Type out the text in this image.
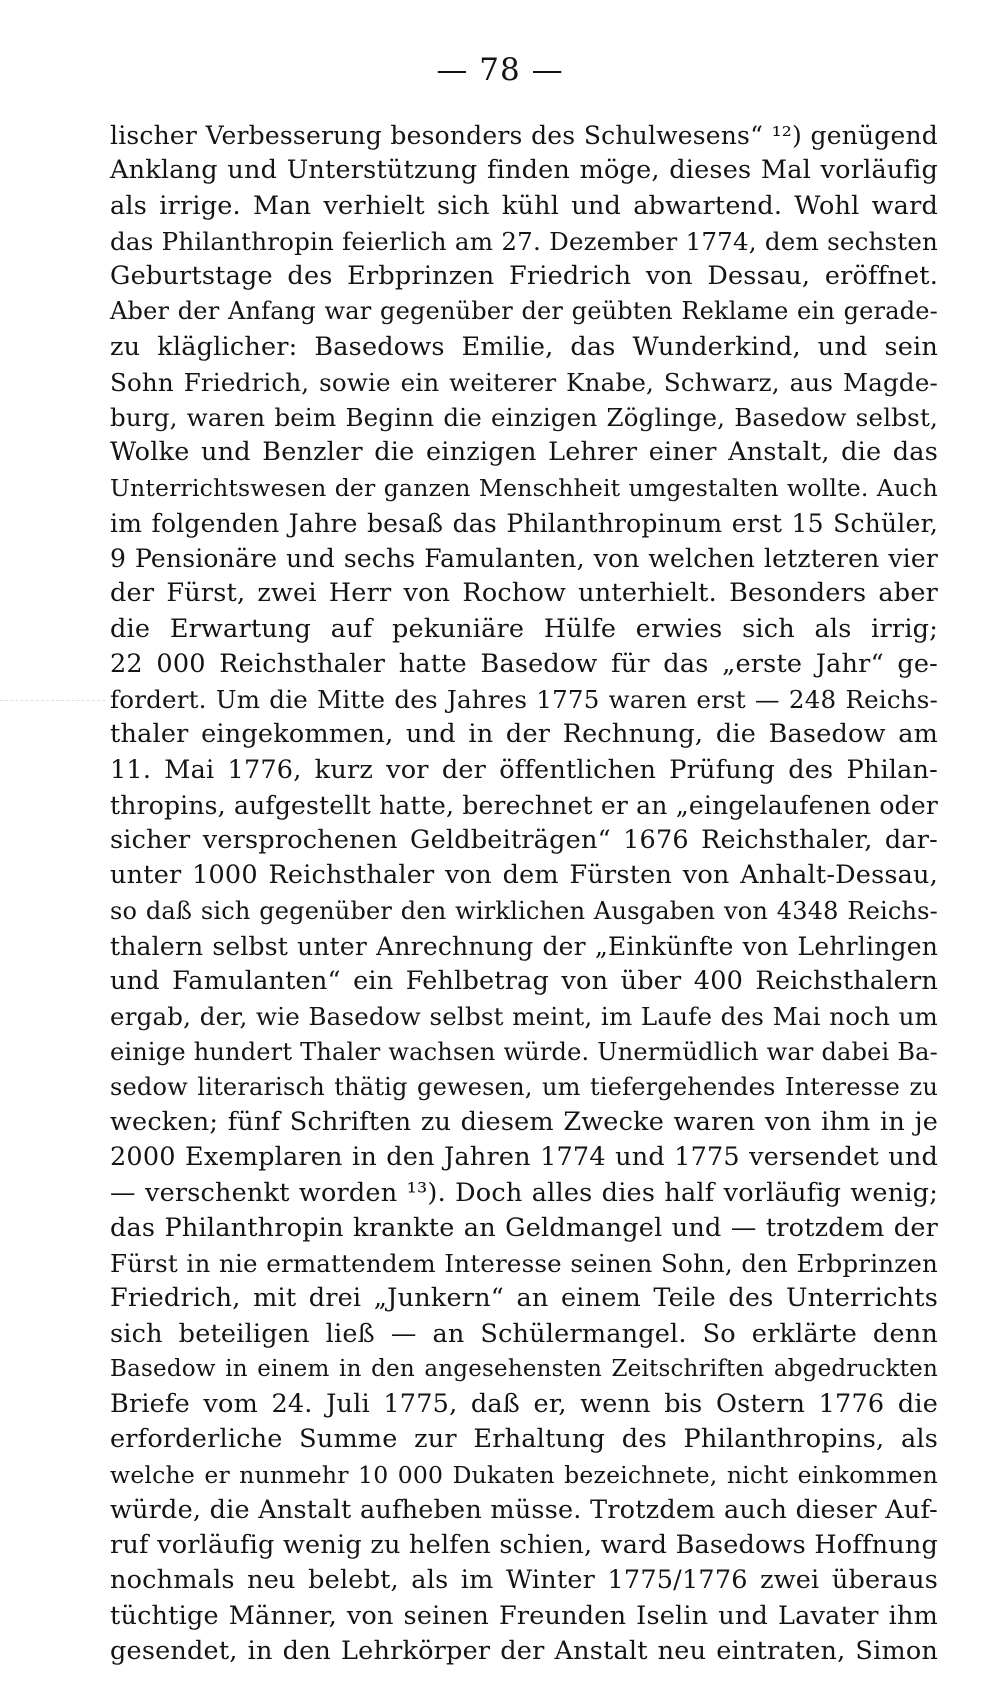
— 78 —
lischer Verbesserung besonders des Schulwesens“ ¹²) genügend
Anklang und Unterstützung finden möge, dieses Mal vorläufig
als irrige. Man verhielt sich kühl und abwartend. Wohl ward
das Philanthropin feierlich am 27. Dezember 1774, dem sechsten
Geburtstage des Erbprinzen Friedrich von Dessau, eröffnet.
Aber der Anfang war gegenüber der geübten Reklame ein gerade-
zu kläglicher: Basedows Emilie, das Wunderkind, und sein
Sohn Friedrich, sowie ein weiterer Knabe, Schwarz, aus Magde-
burg, waren beim Beginn die einzigen Zöglinge, Basedow selbst,
Wolke und Benzler die einzigen Lehrer einer Anstalt, die das
Unterrichtswesen der ganzen Menschheit umgestalten wollte. Auch
im folgenden Jahre besaß das Philanthropinum erst 15 Schüler,
9 Pensionäre und sechs Famulanten, von welchen letzteren vier
der Fürst, zwei Herr von Rochow unterhielt. Besonders aber
die Erwartung auf pekuniäre Hülfe erwies sich als irrig;
22 000 Reichsthaler hatte Basedow für das „erste Jahr“ ge-
fordert. Um die Mitte des Jahres 1775 waren erst — 248 Reichs-
thaler eingekommen, und in der Rechnung, die Basedow am
11. Mai 1776, kurz vor der öffentlichen Prüfung des Philan-
thropins, aufgestellt hatte, berechnet er an „eingelaufenen oder
sicher versprochenen Geldbeiträgen“ 1676 Reichsthaler, dar-
unter 1000 Reichsthaler von dem Fürsten von Anhalt-Dessau,
so daß sich gegenüber den wirklichen Ausgaben von 4348 Reichs-
thalern selbst unter Anrechnung der „Einkünfte von Lehrlingen
und Famulanten“ ein Fehlbetrag von über 400 Reichsthalern
ergab, der, wie Basedow selbst meint, im Laufe des Mai noch um
einige hundert Thaler wachsen würde. Unermüdlich war dabei Ba-
sedow literarisch thätig gewesen, um tiefergehendes Interesse zu
wecken; fünf Schriften zu diesem Zwecke waren von ihm in je
2000 Exemplaren in den Jahren 1774 und 1775 versendet und
— verschenkt worden ¹³). Doch alles dies half vorläufig wenig;
das Philanthropin krankte an Geldmangel und — trotzdem der
Fürst in nie ermattendem Interesse seinen Sohn, den Erbprinzen
Friedrich, mit drei „Junkern“ an einem Teile des Unterrichts
sich beteiligen ließ — an Schülermangel. So erklärte denn
Basedow in einem in den angesehensten Zeitschriften abgedruckten
Briefe vom 24. Juli 1775, daß er, wenn bis Ostern 1776 die
erforderliche Summe zur Erhaltung des Philanthropins, als
welche er nunmehr 10 000 Dukaten bezeichnete, nicht einkommen
würde, die Anstalt aufheben müsse. Trotzdem auch dieser Auf-
ruf vorläufig wenig zu helfen schien, ward Basedows Hoffnung
nochmals neu belebt, als im Winter 1775/1776 zwei überaus
tüchtige Männer, von seinen Freunden Iselin und Lavater ihm
gesendet, in den Lehrkörper der Anstalt neu eintraten, Simon
